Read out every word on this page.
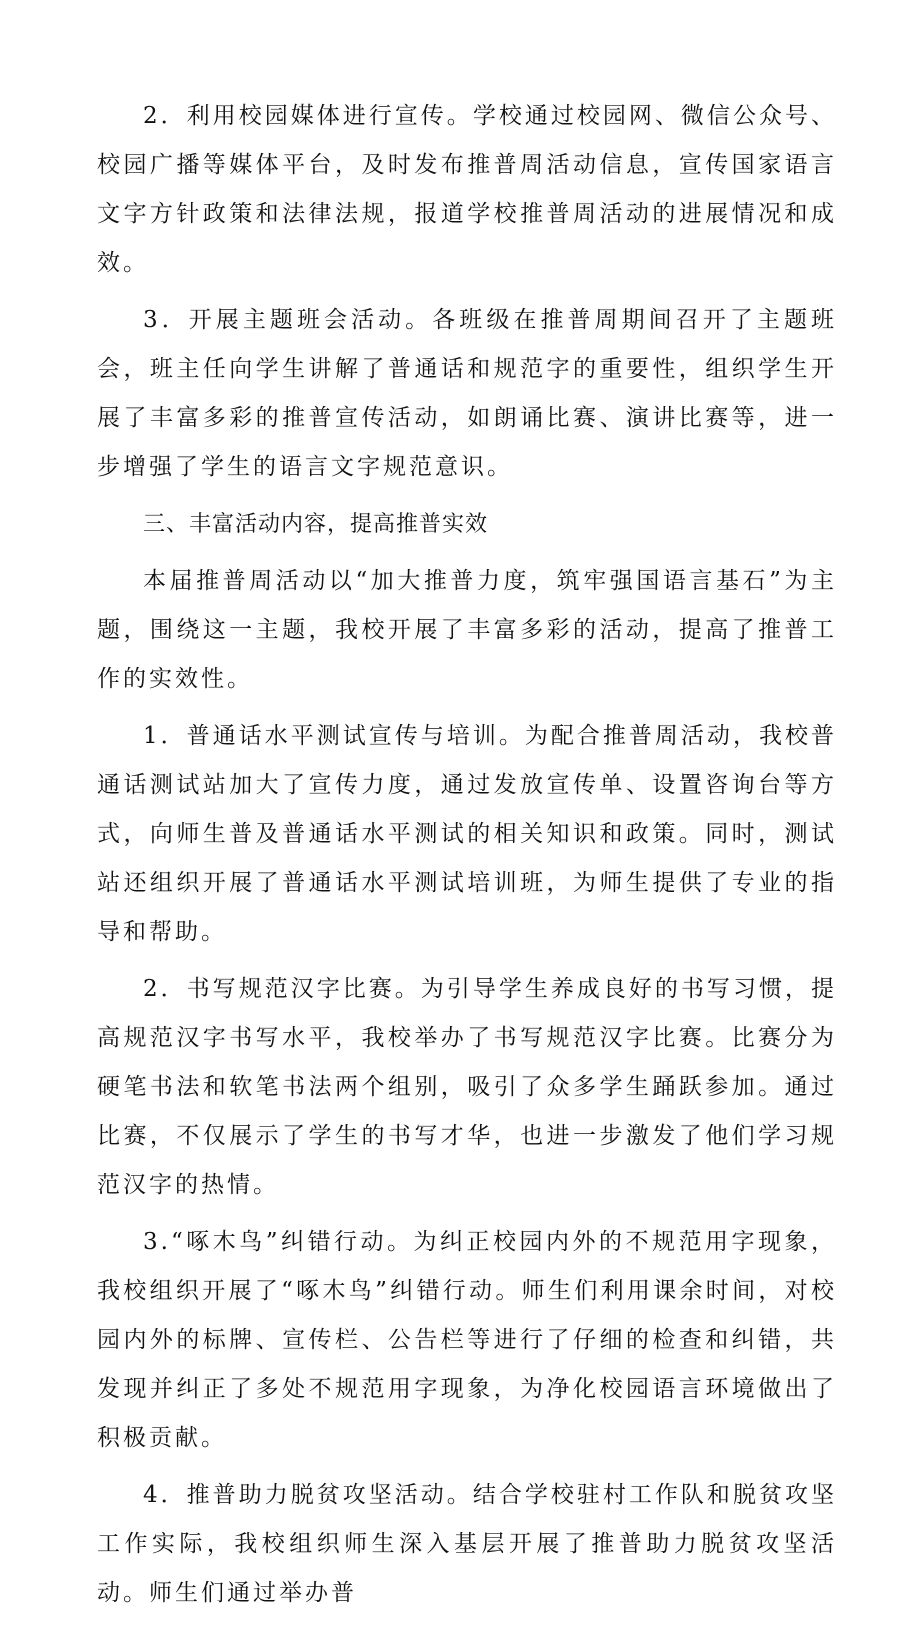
2．利用校园媒体进行宣传。学校通过校园网、微信公众号、校园广播等媒体平台，及时发布推普周活动信息，宣传国家语言文字方针政策和法律法规，报道学校推普周活动的进展情况和成效。

3．开展主题班会活动。各班级在推普周期间召开了主题班会，班主任向学生讲解了普通话和规范字的重要性，组织学生开展了丰富多彩的推普宣传活动，如朗诵比赛、演讲比赛等，进一步增强了学生的语言文字规范意识。

三、丰富活动内容，提高推普实效

本届推普周活动以“加大推普力度，筑牢强国语言基石”为主题，围绕这一主题，我校开展了丰富多彩的活动，提高了推普工作的实效性。

1．普通话水平测试宣传与培训。为配合推普周活动，我校普通话测试站加大了宣传力度，通过发放宣传单、设置咨询台等方式，向师生普及普通话水平测试的相关知识和政策。同时，测试站还组织开展了普通话水平测试培训班，为师生提供了专业的指导和帮助。

2．书写规范汉字比赛。为引导学生养成良好的书写习惯，提高规范汉字书写水平，我校举办了书写规范汉字比赛。比赛分为硬笔书法和软笔书法两个组别，吸引了众多学生踊跃参加。通过比赛，不仅展示了学生的书写才华，也进一步激发了他们学习规范汉字的热情。

3.“啄木鸟”纠错行动。为纠正校园内外的不规范用字现象，我校组织开展了“啄木鸟”纠错行动。师生们利用课余时间，对校园内外的标牌、宣传栏、公告栏等进行了仔细的检查和纠错，共发现并纠正了多处不规范用字现象，为净化校园语言环境做出了积极贡献。

4．推普助力脱贫攻坚活动。结合学校驻村工作队和脱贫攻坚工作实际，我校组织师生深入基层开展了推普助力脱贫攻坚活动。师生们通过举办普
